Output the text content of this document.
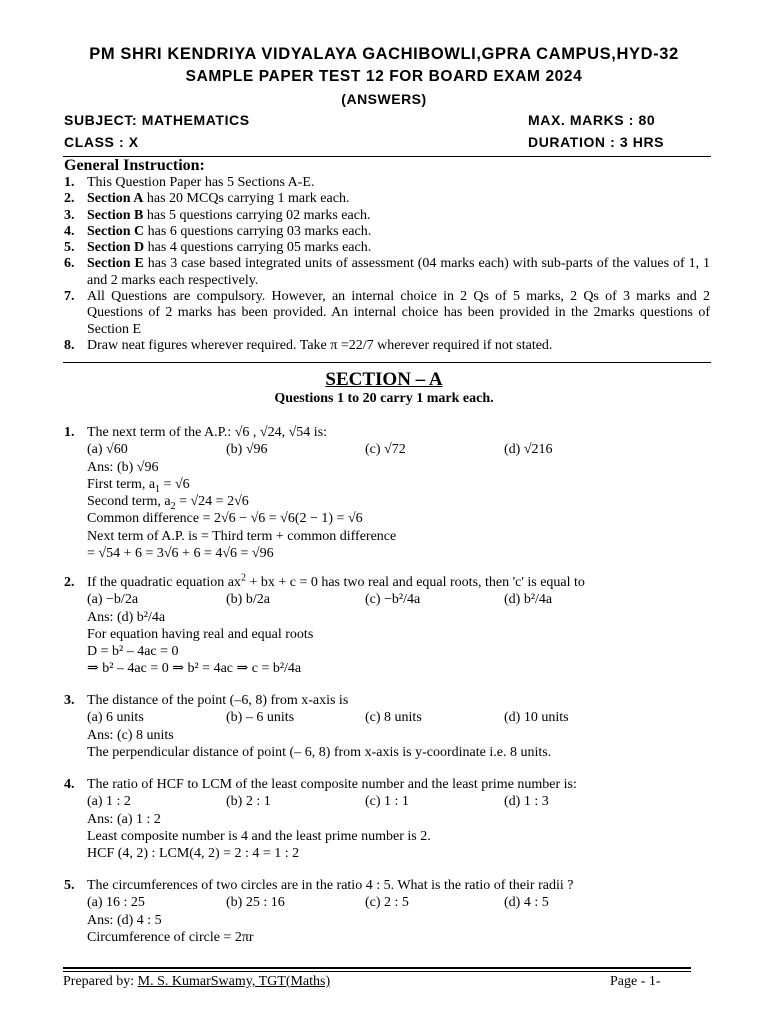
PM SHRI KENDRIYA VIDYALAYA GACHIBOWLI,GPRA CAMPUS,HYD-32
SAMPLE PAPER TEST 12 FOR BOARD EXAM 2024
(ANSWERS)
SUBJECT: MATHEMATICS	MAX. MARKS : 80
CLASS : X	DURATION : 3 HRS
General Instruction:
1. This Question Paper has 5 Sections A-E.
2. Section A has 20 MCQs carrying 1 mark each.
3. Section B has 5 questions carrying 02 marks each.
4. Section C has 6 questions carrying 03 marks each.
5. Section D has 4 questions carrying 05 marks each.
6. Section E has 3 case based integrated units of assessment (04 marks each) with sub-parts of the values of 1, 1 and 2 marks each respectively.
7. All Questions are compulsory. However, an internal choice in 2 Qs of 5 marks, 2 Qs of 3 marks and 2 Questions of 2 marks has been provided. An internal choice has been provided in the 2marks questions of Section E
8. Draw neat figures wherever required. Take π =22/7 wherever required if not stated.
SECTION – A
Questions 1 to 20 carry 1 mark each.
1. The next term of the A.P.: √6 , √24, √54 is:
(a) √60	(b) √96	(c) √72	(d) √216
Ans: (b) √96
First term, $a_1 = √6$
Second term, $a_2 = √24 = 2√6$
Common difference = 2√6 − √6 = √6(2 − 1) = √6
Next term of A.P. is = Third term + common difference
= √54 + 6 = 3√6 + 6 = 4√6 = √96
2. If the quadratic equation $ax^2$ + bx + c = 0 has two real and equal roots, then 'c' is equal to
(a) −b/2a	(b) b/2a	(c) −b²/4a	(d) b²/4a
Ans: (d) b²/4a
For equation having real and equal roots
D = b² – 4ac = 0
⇒ b² – 4ac = 0 ⇒ b² = 4ac ⇒ c = b²/4a
3. The distance of the point (–6, 8) from x-axis is
(a) 6 units	(b) – 6 units	(c) 8 units	(d) 10 units
Ans: (c) 8 units
The perpendicular distance of point (– 6, 8) from x-axis is y-coordinate i.e. 8 units.
4. The ratio of HCF to LCM of the least composite number and the least prime number is:
(a) 1 : 2	(b) 2 : 1	(c) 1 : 1	(d) 1 : 3
Ans: (a) 1 : 2
Least composite number is 4 and the least prime number is 2.
HCF (4, 2) : LCM(4, 2) = 2 : 4 = 1 : 2
5. The circumferences of two circles are in the ratio 4 : 5. What is the ratio of their radii ?
(a) 16 : 25	(b) 25 : 16	(c) 2 : 5	(d) 4 : 5
Ans: (d) 4 : 5
Circumference of circle = 2πr
Prepared by: M. S. KumarSwamy, TGT(Maths)	Page - 1-
